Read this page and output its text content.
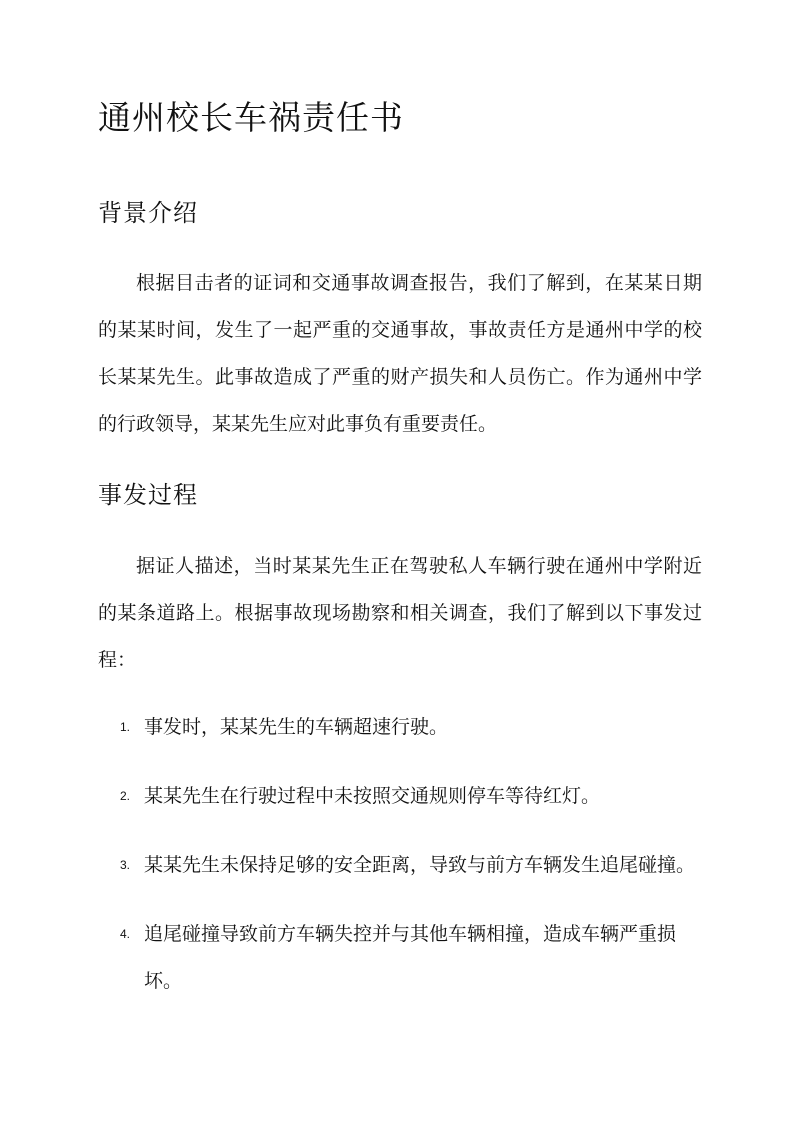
通州校长车祸责任书
背景介绍

根据目击者的证词和交通事故调查报告，我们了解到，在某某日期的某某时间，发生了一起严重的交通事故，事故责任方是通州中学的校长某某先生。此事故造成了严重的财产损失和人员伤亡。作为通州中学的行政领导，某某先生应对此事负有重要责任。

事发过程

据证人描述，当时某某先生正在驾驶私人车辆行驶在通州中学附近的某条道路上。根据事故现场勘察和相关调查，我们了解到以下事发过程：

1. 事发时，某某先生的车辆超速行驶。
2. 某某先生在行驶过程中未按照交通规则停车等待红灯。
3. 某某先生未保持足够的安全距离，导致与前方车辆发生追尾碰撞。
4. 追尾碰撞导致前方车辆失控并与其他车辆相撞，造成车辆严重损坏。
